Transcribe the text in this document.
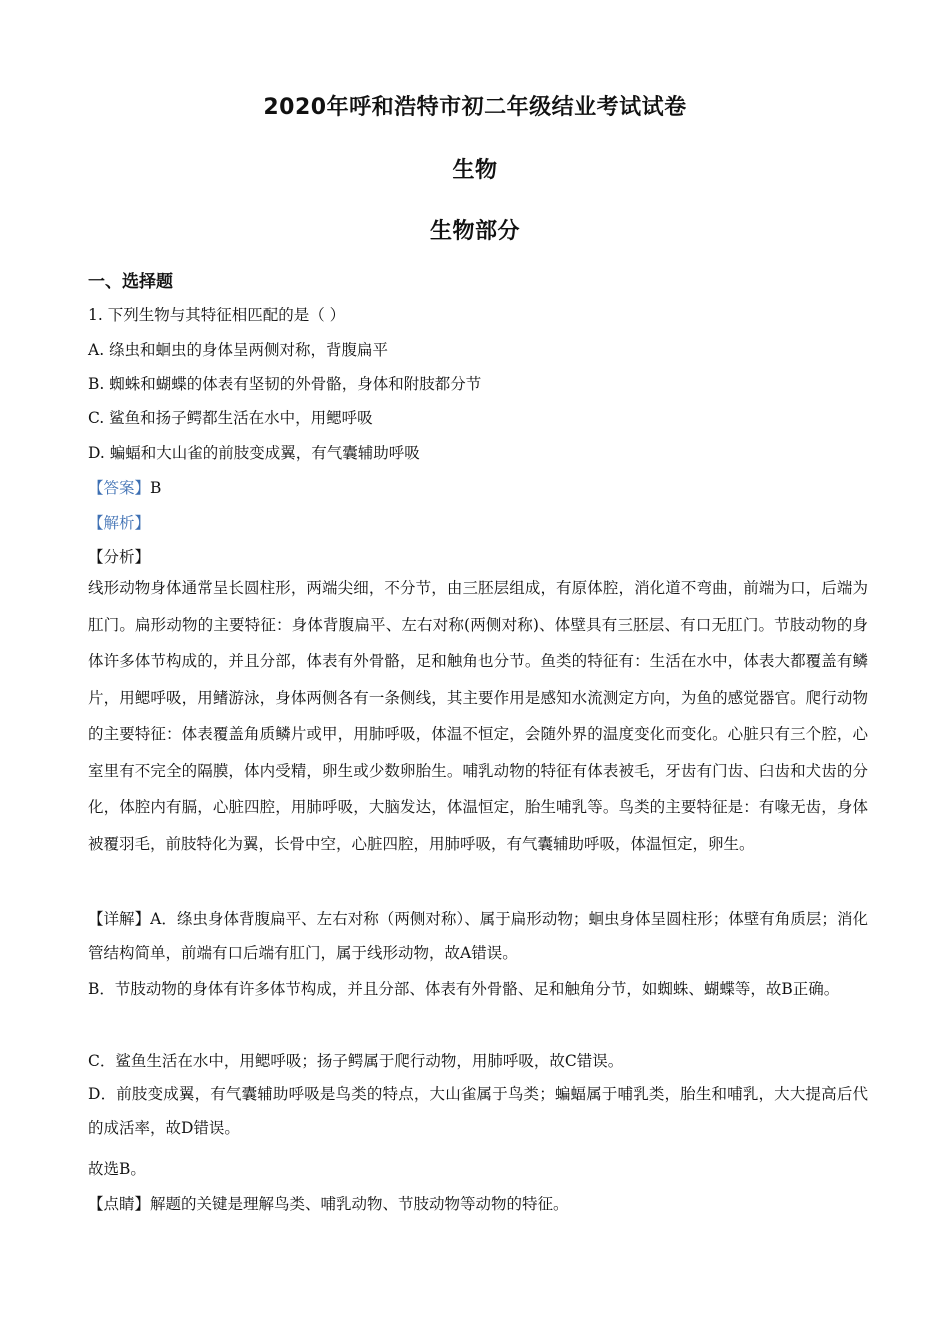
2020年呼和浩特市初二年级结业考试试卷
生物
生物部分
一、选择题
1. 下列生物与其特征相匹配的是（ ）
A. 绦虫和蛔虫的身体呈两侧对称，背腹扁平
B. 蜘蛛和蝴蝶的体表有坚韧的外骨骼，身体和附肢都分节
C. 鲨鱼和扬子鳄都生活在水中，用鳃呼吸
D. 蝙蝠和大山雀的前肢变成翼，有气囊辅助呼吸
【答案】B
【解析】
【分析】
线形动物身体通常呈长圆柱形，两端尖细，不分节，由三胚层组成，有原体腔，消化道不弯曲，前端为口，后端为肛门。扁形动物的主要特征：身体背腹扁平、左右对称(两侧对称)、体壁具有三胚层、有口无肛门。节肢动物的身体许多体节构成的，并且分部，体表有外骨骼，足和触角也分节。鱼类的特征有：生活在水中，体表大都覆盖有鳞片，用鳃呼吸，用鳍游泳，身体两侧各有一条侧线，其主要作用是感知水流测定方向，为鱼的感觉器官。爬行动物的主要特征：体表覆盖角质鳞片或甲，用肺呼吸，体温不恒定，会随外界的温度变化而变化。心脏只有三个腔，心室里有不完全的隔膜，体内受精，卵生或少数卵胎生。哺乳动物的特征有体表被毛，牙齿有门齿、臼齿和犬齿的分化，体腔内有膈，心脏四腔，用肺呼吸，大脑发达，体温恒定，胎生哺乳等。鸟类的主要特征是：有喙无齿，身体被覆羽毛，前肢特化为翼，长骨中空，心脏四腔，用肺呼吸，有气囊辅助呼吸，体温恒定，卵生。
【详解】A．绦虫身体背腹扁平、左右对称（两侧对称）、属于扁形动物；蛔虫身体呈圆柱形；体壁有角质层；消化管结构简单，前端有口后端有肛门，属于线形动物，故A错误。
B．节肢动物的身体有许多体节构成，并且分部、体表有外骨骼、足和触角分节，如蜘蛛、蝴蝶等，故B正确。
C．鲨鱼生活在水中，用鳃呼吸；扬子鳄属于爬行动物，用肺呼吸，故C错误。
D．前肢变成翼，有气囊辅助呼吸是鸟类的特点，大山雀属于鸟类；蝙蝠属于哺乳类，胎生和哺乳，大大提高后代的成活率，故D错误。
故选B。
【点睛】解题的关键是理解鸟类、哺乳动物、节肢动物等动物的特征。
